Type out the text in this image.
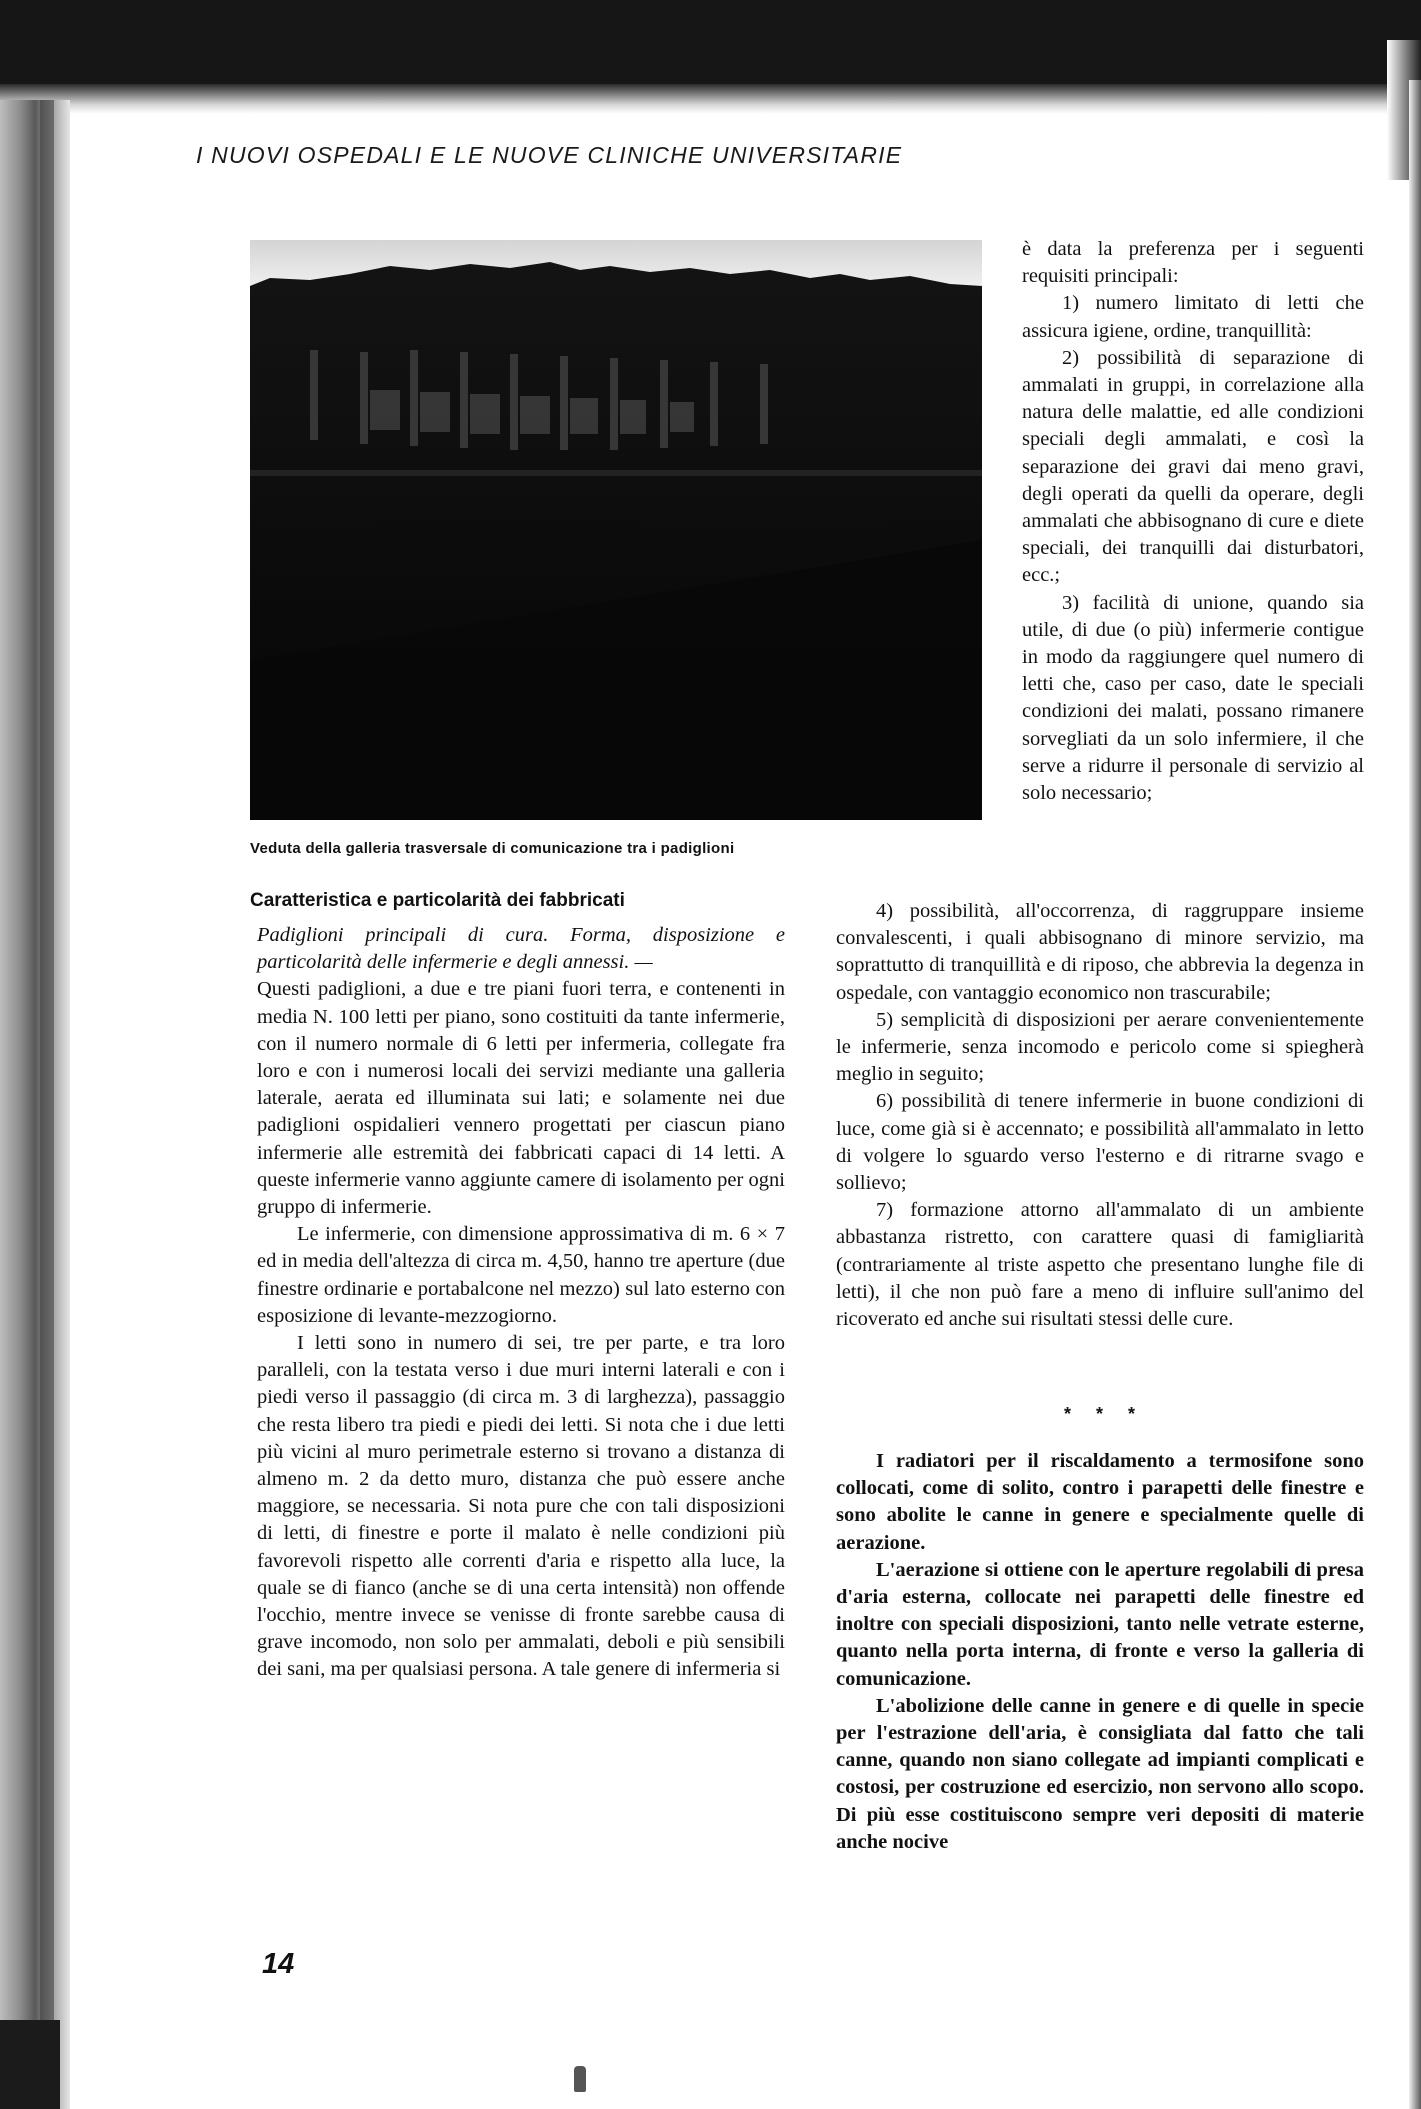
I NUOVI OSPEDALI E LE NUOVE CLINICHE UNIVERSITARIE

Veduta della galleria trasversale di comunicazione tra i padiglioni

Caratteristica e particolarità dei fabbricati

è data la preferenza per i seguenti requisiti principali:

1) numero limitato di letti che assicura igiene, ordine, tranquillità:

2) possibilità di separazione di ammalati in gruppi, in correlazione alla natura delle malattie, ed alle condizioni speciali degli ammalati, e così la separazione dei gravi dai meno gravi, degli operati da quelli da operare, degli ammalati che abbisognano di cure e diete speciali, dei tranquilli dai disturbatori, ecc.;

3) facilità di unione, quando sia utile, di due (o più) infermerie contigue in modo da raggiungere quel numero di letti che, caso per caso, date le speciali condizioni dei malati, possano rimanere sorvegliati da un solo infermiere, il che serve a ridurre il personale di servizio al solo necessario;

Padiglioni principali di cura. Forma, disposizione e particolarità delle infermerie e degli annessi. —
Questi padiglioni, a due e tre piani fuori terra, e contenenti in media N. 100 letti per piano, sono costituiti da tante infermerie, con il numero normale di 6 letti per infermeria, collegate fra loro e con i numerosi locali dei servizi mediante una galleria laterale, aerata ed illuminata sui lati; e solamente nei due padiglioni ospidalieri vennero progettati per ciascun piano infermerie alle estremità dei fabbricati capaci di 14 letti. A queste infermerie vanno aggiunte camere di isolamento per ogni gruppo di infermerie.

Le infermerie, con dimensione approssimativa di m. 6 × 7 ed in media dell'altezza di circa m. 4,50, hanno tre aperture (due finestre ordinarie e portabalcone nel mezzo) sul lato esterno con esposizione di levante-mezzogiorno.

I letti sono in numero di sei, tre per parte, e tra loro paralleli, con la testata verso i due muri interni laterali e con i piedi verso il passaggio (di circa m. 3 di larghezza), passaggio che resta libero tra piedi e piedi dei letti. Si nota che i due letti più vicini al muro perimetrale esterno si trovano a distanza di almeno m. 2 da detto muro, distanza che può essere anche maggiore, se necessaria. Si nota pure che con tali disposizioni di letti, di finestre e porte il malato è nelle condizioni più favorevoli rispetto alle correnti d'aria e rispetto alla luce, la quale se di fianco (anche se di una certa intensità) non offende l'occhio, mentre invece se venisse di fronte sarebbe causa di grave incomodo, non solo per ammalati, deboli e più sensibili dei sani, ma per qualsiasi persona. A tale genere di infermeria si

4) possibilità, all'occorrenza, di raggruppare insieme convalescenti, i quali abbisognano di minore servizio, ma soprattutto di tranquillità e di riposo, che abbrevia la degenza in ospedale, con vantaggio economico non trascurabile;

5) semplicità di disposizioni per aerare convenientemente le infermerie, senza incomodo e pericolo come si spiegherà meglio in seguito;

6) possibilità di tenere infermerie in buone condizioni di luce, come già si è accennato; e possibilità all'ammalato in letto di volgere lo sguardo verso l'esterno e di ritrarne svago e sollievo;

7) formazione attorno all'ammalato di un ambiente abbastanza ristretto, con carattere quasi di famigliarità (contrariamente al triste aspetto che presentano lunghe file di letti), il che non può fare a meno di influire sull'animo del ricoverato ed anche sui risultati stessi delle cure.

* * *

I radiatori per il riscaldamento a termosifone sono collocati, come di solito, contro i parapetti delle finestre e sono abolite le canne in genere e specialmente quelle di aerazione.

L'aerazione si ottiene con le aperture regolabili di presa d'aria esterna, collocate nei parapetti delle finestre ed inoltre con speciali disposizioni, tanto nelle vetrate esterne, quanto nella porta interna, di fronte e verso la galleria di comunicazione.

L'abolizione delle canne in genere e di quelle in specie per l'estrazione dell'aria, è consigliata dal fatto che tali canne, quando non siano collegate ad impianti complicati e costosi, per costruzione ed esercizio, non servono allo scopo. Di più esse costituiscono sempre veri depositi di materie anche nocive

14
